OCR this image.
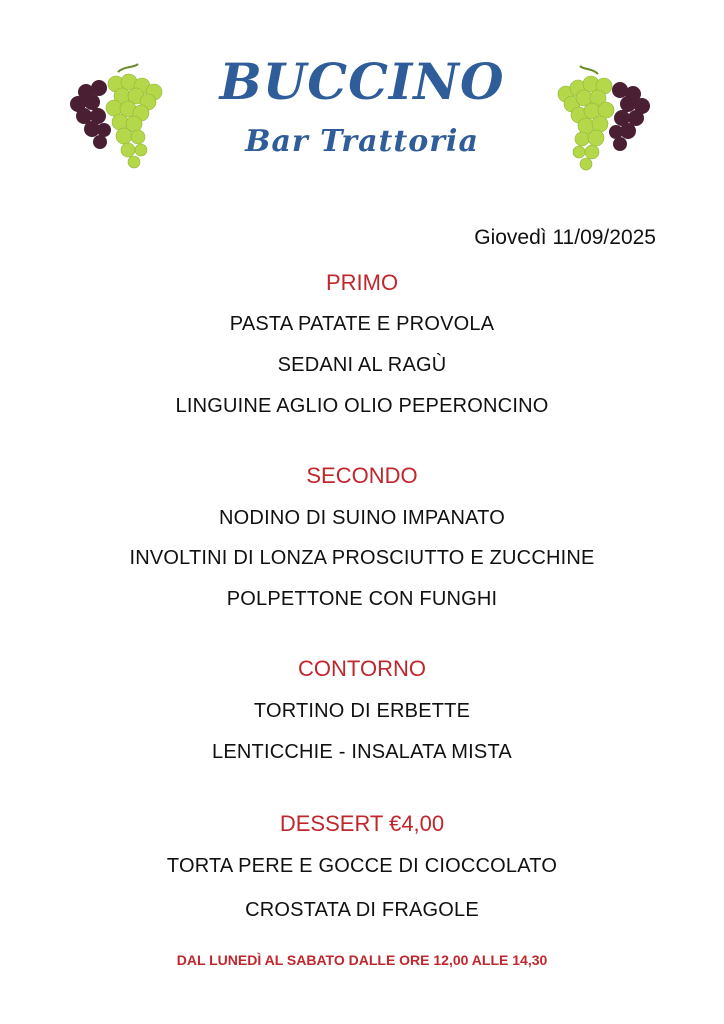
BUCCINO
Bar Trattoria
Giovedì 11/09/2025
PRIMO
PASTA PATATE E PROVOLA
SEDANI AL RAGÙ
LINGUINE AGLIO OLIO PEPERONCINO
SECONDO
NODINO DI SUINO IMPANATO
INVOLTINI DI LONZA PROSCIUTTO E ZUCCHINE
POLPETTONE CON FUNGHI
CONTORNO
TORTINO DI ERBETTE
LENTICCHIE - INSALATA MISTA
DESSERT €4,00
TORTA PERE E GOCCE DI CIOCCOLATO
CROSTATA DI FRAGOLE
DAL LUNEDÌ AL SABATO DALLE ORE 12,00 ALLE 14,30
